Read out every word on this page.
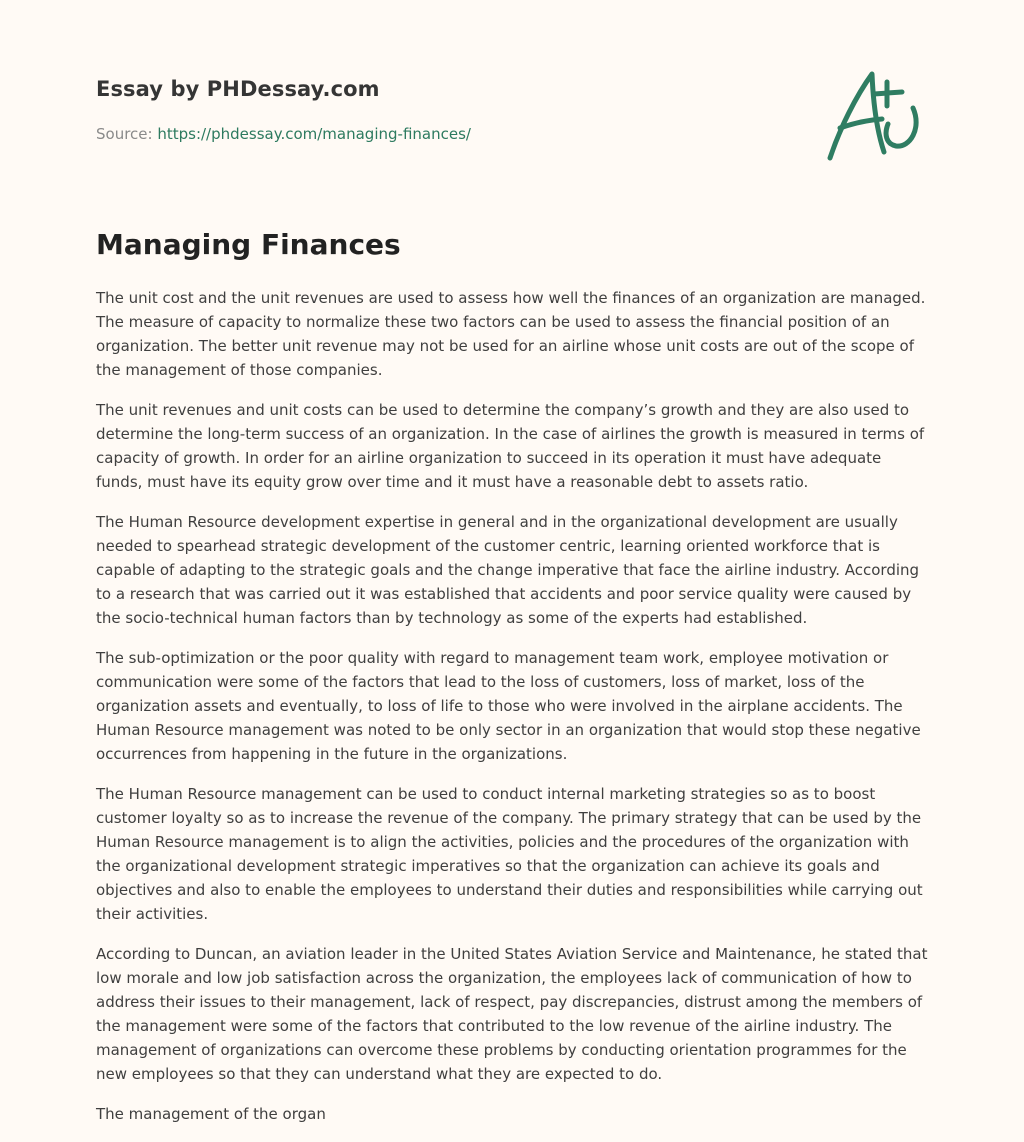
Essay by PHDessay.com
Source: https://phdessay.com/managing-finances/
Managing Finances

The unit cost and the unit revenues are used to assess how well the finances of an organization are managed. The measure of capacity to normalize these two factors can be used to assess the financial position of an organization. The better unit revenue may not be used for an airline whose unit costs are out of the scope of the management of those companies.

The unit revenues and unit costs can be used to determine the company’s growth and they are also used to determine the long-term success of an organization. In the case of airlines the growth is measured in terms of capacity of growth. In order for an airline organization to succeed in its operation it must have adequate funds, must have its equity grow over time and it must have a reasonable debt to assets ratio.

The Human Resource development expertise in general and in the organizational development are usually needed to spearhead strategic development of the customer centric, learning oriented workforce that is capable of adapting to the strategic goals and the change imperative that face the airline industry. According to a research that was carried out it was established that accidents and poor service quality were caused by the socio-technical human factors than by technology as some of the experts had established.

The sub-optimization or the poor quality with regard to management team work, employee motivation or communication were some of the factors that lead to the loss of customers, loss of market, loss of the organization assets and eventually, to loss of life to those who were involved in the airplane accidents. The Human Resource management was noted to be only sector in an organization that would stop these negative occurrences from happening in the future in the organizations.

The Human Resource management can be used to conduct internal marketing strategies so as to boost customer loyalty so as to increase the revenue of the company. The primary strategy that can be used by the Human Resource management is to align the activities, policies and the procedures of the organization with the organizational development strategic imperatives so that the organization can achieve its goals and objectives and also to enable the employees to understand their duties and responsibilities while carrying out their activities.

According to Duncan, an aviation leader in the United States Aviation Service and Maintenance, he stated that low morale and low job satisfaction across the organization, the employees lack of communication of how to address their issues to their management, lack of respect, pay discrepancies, distrust among the members of the management were some of the factors that contributed to the low revenue of the airline industry. The management of organizations can overcome these problems by conducting orientation programmes for the new employees so that they can understand what they are expected to do.

The management of the organ
